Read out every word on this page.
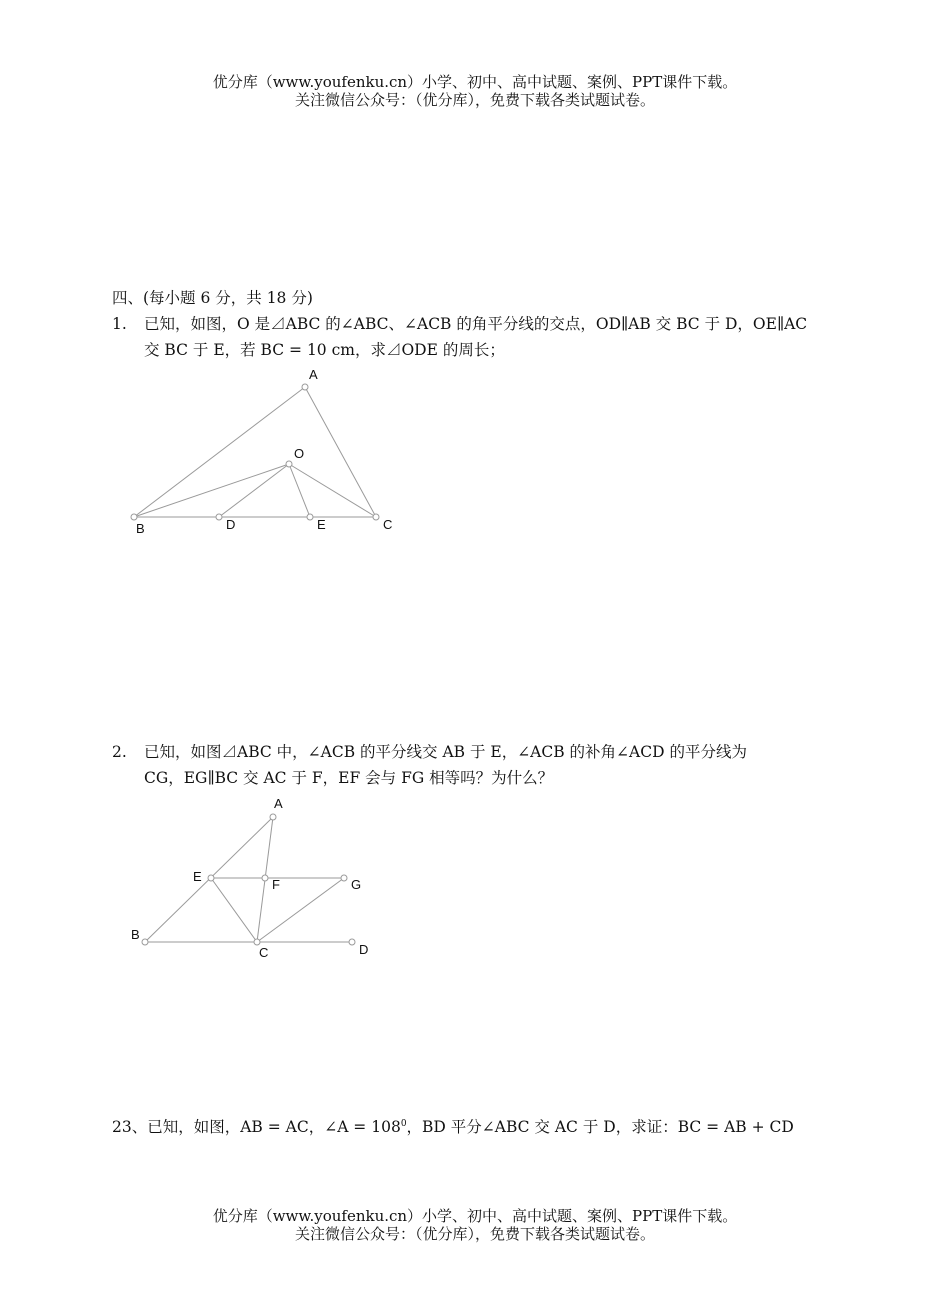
优分库（www.youfenku.cn）小学、初中、高中试题、案例、PPT课件下载。
关注微信公众号：（优分库），免费下载各类试题试卷。
四、(每小题 6 分，共 18 分)
1. 已知，如图，O 是⊿ABC 的∠ABC、∠ACB 的角平分线的交点，OD∥AB 交 BC 于 D，OE∥AC
交 BC 于 E，若 BC = 10 cm，求⊿ODE 的周长；
A
O
B	D	E	C
2. 已知，如图⊿ABC 中，∠ACB 的平分线交 AB 于 E，∠ACB 的补角∠ACD 的平分线为
CG，EG∥BC 交 AC 于 F，EF 会与 FG 相等吗？为什么？
A
E
F	G
B
C	D
23、已知，如图，AB = AC，∠A = $108^0$，BD 平分∠ABC 交 AC 于 D，求证：BC = AB + CD
优分库（www.youfenku.cn）小学、初中、高中试题、案例、PPT课件下载。
关注微信公众号：（优分库），免费下载各类试题试卷。
